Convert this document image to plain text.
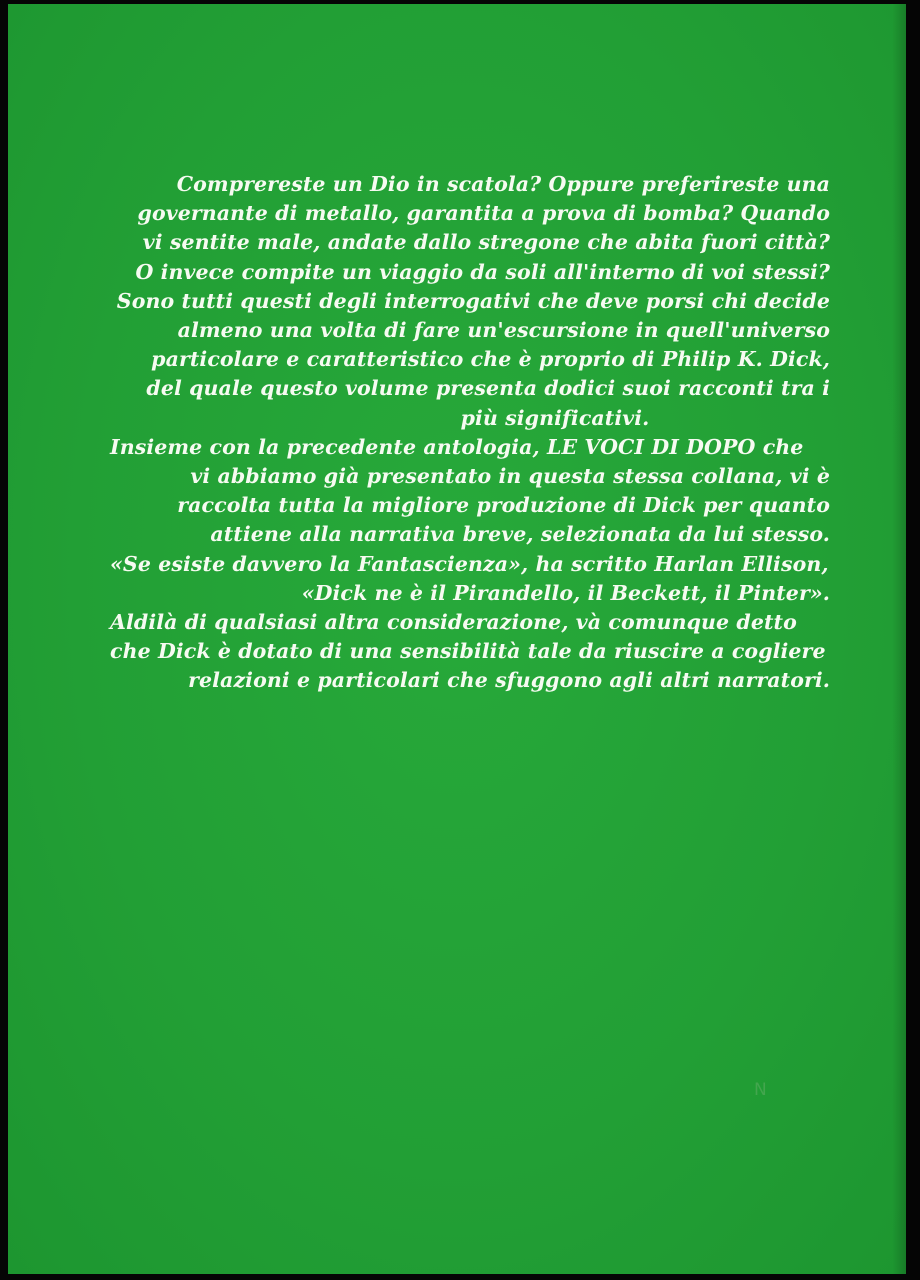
Comprereste un Dio in scatola? Oppure preferireste una
governante di metallo, garantita a prova di bomba? Quando
vi sentite male, andate dallo stregone che abita fuori città?
O invece compite un viaggio da soli all'interno di voi stessi?
Sono tutti questi degli interrogativi che deve porsi chi decide
almeno una volta di fare un'escursione in quell'universo
particolare e caratteristico che è proprio di Philip K. Dick,
del quale questo volume presenta dodici suoi racconti tra i
più significativi.
Insieme con la precedente antologia, LE VOCI DI DOPO che
vi abbiamo già presentato in questa stessa collana, vi è
raccolta tutta la migliore produzione di Dick per quanto
attiene alla narrativa breve, selezionata da lui stesso.
«Se esiste davvero la Fantascienza», ha scritto Harlan Ellison,
«Dick ne è il Pirandello, il Beckett, il Pinter».
Aldilà di qualsiasi altra considerazione, và comunque detto
che Dick è dotato di una sensibilità tale da riuscire a cogliere
relazioni e particolari che sfuggono agli altri narratori.

N
